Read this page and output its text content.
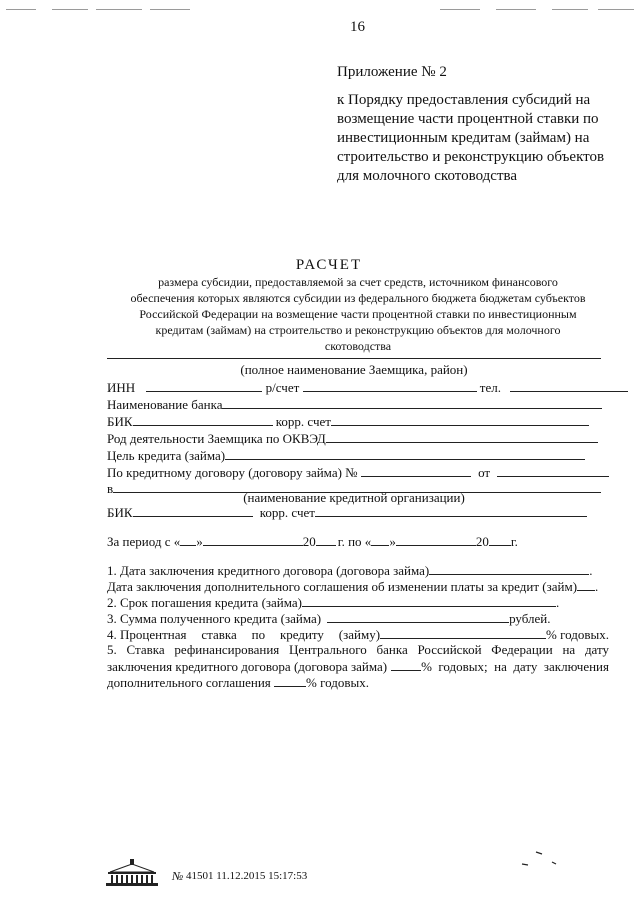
16
Приложение № 2
к Порядку предоставления субсидий на
возмещение части процентной ставки по
инвестиционным кредитам (займам) на
строительство и реконструкцию объектов
для молочного скотоводства
РАСЧЕТ
размера субсидии, предоставляемой за счет средств, источником финансового
обеспечения которых являются субсидии из федерального бюджета бюджетам субъектов
Российской Федерации на возмещение части процентной ставки по инвестиционным
кредитам (займам) на строительство и реконструкцию объектов для молочного
скотоводства
(полное наименование Заемщика, район)
ИНН	р/счет	тел.
Наименование банка
БИК	корр. счет
Род деятельности Заемщика по ОКВЭД
Цель кредита (займа)
По кредитному договору (договору займа) №	от
в
(наименование кредитной организации)
БИК	корр. счет
За период с « »	20 г. по « »	20 г.
1. Дата заключения кредитного договора (договора займа)	.
Дата заключения дополнительного соглашения об изменении платы за кредит (займ) .
2. Срок погашения кредита (займа)	.
3. Сумма полученного кредита (займа)	рублей.
4. Процентная ставка по кредиту (займу)	% годовых.
5. Ставка рефинансирования Центрального банка Российской Федерации на дату
заключения кредитного договора (договора займа)	% годовых; на дату заключения
дополнительного соглашения	% годовых.
№ 41501 11.12.2015 15:17:53
